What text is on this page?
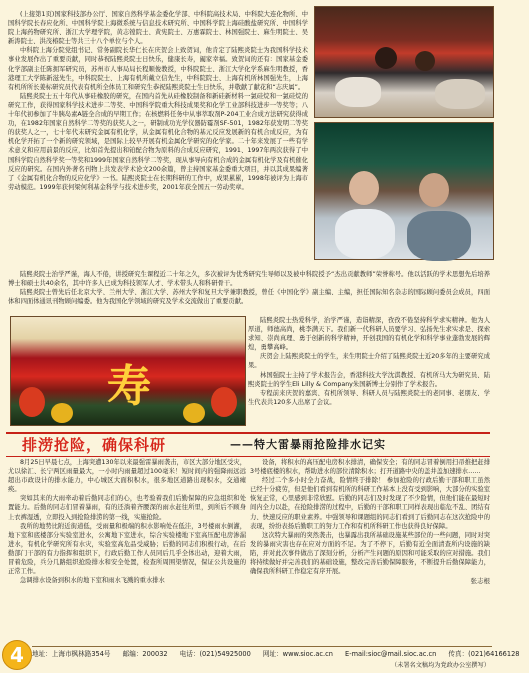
(上接第1页)国家科技部办公厅、国家自然科学基金委化学部、中科院高技术局、中科院大连化物所、中国科学院长春应化所、中国科学院上海微系统与信息技术研究所、中国科学院上海硅酸盐研究所、中国科学院上海药物研究所、浙江大学理学院，黄志镗院士、黄宪院士、万惠霖院士、林国强院士、麻生明院士、吴新涛院士、洪茂椿院士等共三十八个单位与个人。

中科院上海分院党组书记、常务副院长华仁长在庆贺会上致贺词，他肯定了陆熙炎院士为我国科学技术事业发展作出了重要贡献，同时恭祝陆熙炎院士日快乐，健康长寿，阖家幸福。致贺词的还有：国家基金委化学部副主任陈拥军研究员，苏州市人事局局长程顺俊教授，中科院院士、浙江大学化学系麻生明教授，香港理工大学陈新滋先生，中科院院士、上海有机所戴立信先生，中科院院士、上海有机所林国强先生，上海有机所所长姜标研究员代表有机所全体员工和研究生恭祝陆熙炎院士生日快乐，并敬献了献花和“志庆属”。

陆熙炎院士五十年代从事硅橡胶的研究，在国内首先从硅橡胶制备和新硅新材料一氯硅烷和一氯硅烷的研究工作，获得国家科学技术进步二等奖、中国科学院重大科技成果奖和化学工业部科技进步一等奖等；八十年代初参加了牛胰岛素A链全合成的早期工作；在核燃料任务中从事萃取剂P-204工业合成方法研究获得成功，在1982年国家自然科学二等奖的获奖人之一，研制成功光学仪器防霉剂SF-501，1982年获发明二等奖的获奖人之一，七十年代末研究金属有机化学，从金属有机化合物的基元反应发展新的有机合成反应，为有机化学开拓了一个新的研究领域，是国际上较早开展有机金属化学研究的化学家。二十年来发展了一些有学术意义和应用前景的反应，比如首先提出和铂配合物为原料的合成反应研究，1991、1997年两次获得了中国科学院自然科学奖一等奖和1999年国家自然科学二等奖，现从事导向有机合成的金属有机化学及有机催化反应的研究。在国内外著名刊物上共发表学术论文200余篇，曾主持国家基金委重大项目，并以其成果编著了《金属有机化合物的反应化学》一书。陆熙炎院士在长期科研的工作中，成果累累，1998年被评为上海市劳动模范。1999年获何梁何利基金科学与技术进步奖，2001年获全国五一劳动奖章。

陆熙炎院士治学严谨，海人不倦，讲授研究生课程近二十年之久，多次被评为优秀研究生导师以及被中科院授予“杰出贡献教师”荣誉称号。他以活跃的学术思想先后培养博士和硕士共40余名，其中许多人已成为科技领军人才、学术带头人和科研骨干。

陆熙炎院士曾先后任北京大学、兰州大学、浙江大学、苏州大学和复旦大学兼职教授，曾任《中国化学》副主编、主编，担任国际知名杂志的国际顾问委员会成员，四面体和四面体通讯刊物顾问编委。他为我国化学领域的研究及学术交流做出了重要贡献。

寿

陆熙炎院士热爱科学，治学严谨，造诣精深，孜孜不倦坚持科学求实精神。他为人厚道，师德高尚，桃李满天下。我们新一代科研人员要学习、弘扬先生求实求是、探索求知、崇尚真理、勇于创新的科学精神，开创我国的有机化学和科学事业蓬勃发展的辉煌，勇攀高峰。

庆贺会上陆熙炎院士的学生，来生明院士介绍了陆熙炎院士近20多年的主要研究成果。

林国强院士主持了学术报告会，香港科技大学沈淇教授、有机所马大为研究员、陆熙炎院士的学生Eli Lilly & Company朱国新博士分别作了学术报告。

专程前来庆贺的嘉宾、有机所领导、科研人员与陆熙炎院士的老同事、老朋友、学生代表共120多人出席了会议。

排涝抢险，确保科研	——特大雷暴雨抢险排水记实

8月25日早晨七点，上海突遭130年以来最强雷暴雨袭击，市区大部分地区受灾，尤以徐汇、长宁两区雨量最大，一小时内雨量超过100毫米！短时间内的强降雨远远超出市政设计的排水能力，中心城区大面积积水，很多地区道路出现积水，交通瘫痪。

突如其来的大雨牵动着后勤同志们的心，也考验着我们后勤保障的应急组织和处置能力。后勤的同志们冒着暴雨，有的还淌着齐腰深的雨水赶往所里，到所后不顾身上衣裤湿透，立即投入到抢险排涝的第一线，实施抢险。

我所的地势比附近街道低，受雨量和极端的积水影响处在低洼，3号楼雨水倒灌，地下室和底楼部分实验室进水，公寓地下室进水，综合实验楼地下室高压配电房渗漏进水，有机化学研究所有水灾，实验室高危品受威胁；后勤的同志们积极行动，在后勤部门干部的有力指挥和组织下，行政后勤工作人员同后几乎全体出动，迎着大雨，冒着危险，兵分几路组织抢险排水和安全处置，检查所周围渠情况，保证公共设施的正常工作。

急调排水设备到积水的地下室和雨水飞溅的重水排水

设备，将积水的高压配电房积水排清，确保安全；有的同志冒着倒用扫帚推把赶排3号楼底楼的积水，帮助进水的部位清除积水；打开道路中央的盖井盖加速排水……

经过二个多小时全力奋战，险情终于排除！ 参加抢险的行政后勤干部和职工虽然已经十分疲劳，但是他们看到有机所的科研工作基本上没有受到影响，大部分的实验室恢复正常，心里感到非常欣慰。后勤的同志们及时发现了不少险情，但他们能在最短时间内全力以赴，在抢险排涝的过程中，后勤的干部和职工同样表现出临危不乱、团结有力、快速反应的职业素养。中强领导和课题组的同志们看到了后勤同志在这次抢险中的表现，纷纷表扬后勤职工的努力工作和有机所科研工作也获得良好保障。

这次特大暴雨的突然袭击，也暴露出我所基础设施某些部位的一些问题，同时对突发的暴雨灾害也存在应对方面的不足。为了不停下，后勤有近全面清查所内设施的缺陷，并对此次事件做出了深刻分析，分析产生问题的原因和可能采取的应对措施。我们将持续做好并完善我们的基础设施，整改完善后勤保障服务，不断提升后勤保障能力，确保我所科研工作稳定有序开展。

张志根
4	地址：上海市枫林路354号 邮编：200032 电话：(021)54925000 网址：www.sioc.ac.cn E-mail:sioc@mail.sioc.ac.cn 传真：(021)64166128
（未署名文稿均为党政办公室撰写）
